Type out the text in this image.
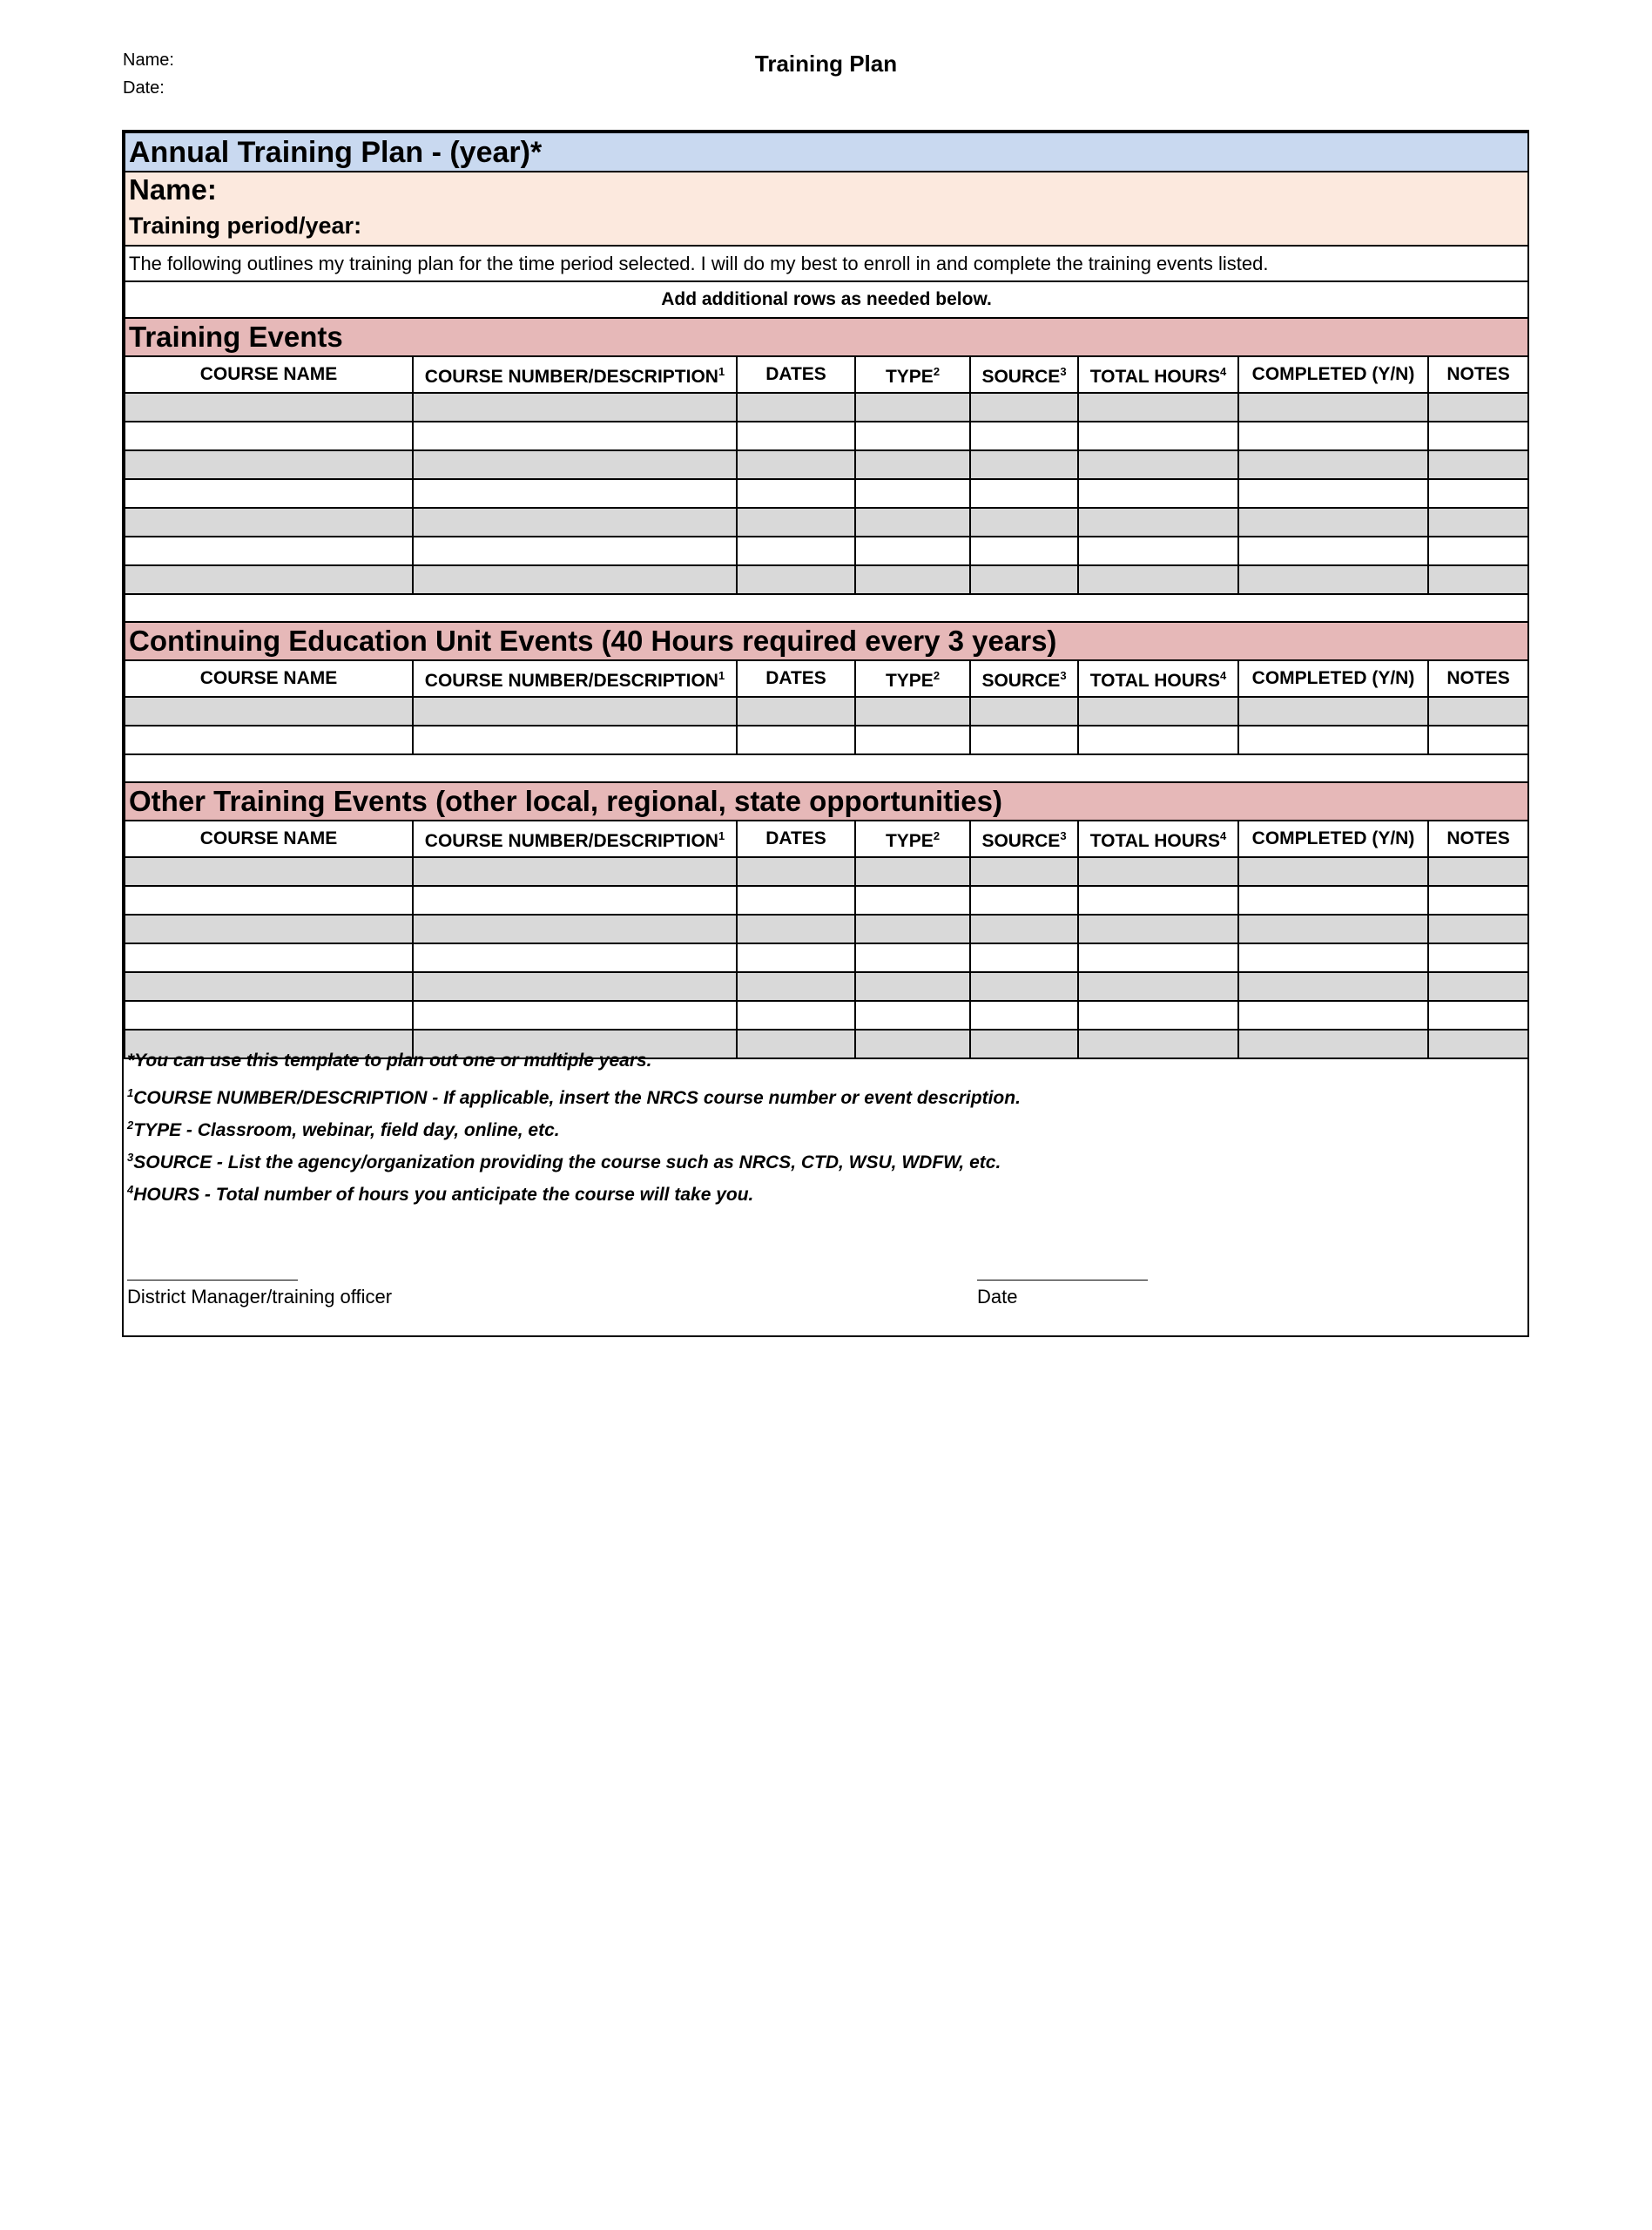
Name:
Date:
Training Plan
Annual Training Plan - (year)*							
Name:							
Training period/year:							
The following outlines my training plan for the time period selected. I will do my best to enroll in and complete the training events listed.							
Add additional rows as needed below.							
Training Events							
COURSE NAME	COURSE NUMBER/DESCRIPTION$^1$	DATES	TYPE$^2$	SOURCE$^3$	TOTAL HOURS$^4$	COMPLETED (Y/N)	NOTES

Continuing Education Unit Events (40 Hours required every 3 years)							
COURSE NAME	COURSE NUMBER/DESCRIPTION$^1$	DATES	TYPE$^2$	SOURCE$^3$	TOTAL HOURS$^4$	COMPLETED (Y/N)	NOTES

Other Training Events (other local, regional, state opportunities)							
COURSE NAME	COURSE NUMBER/DESCRIPTION$^1$	DATES	TYPE$^2$	SOURCE$^3$	TOTAL HOURS$^4$	COMPLETED (Y/N)	NOTES

*You can use this template to plan out one or multiple years.
$^1$COURSE NUMBER/DESCRIPTION - If applicable, insert the NRCS course number or event description.
$^2$TYPE - Classroom, webinar, field day, online, etc.
$^3$SOURCE - List the agency/organization providing the course such as NRCS, CTD, WSU, WDFW, etc.
$^4$HOURS - Total number of hours you anticipate the course will take you.
District Manager/training officer	Date
